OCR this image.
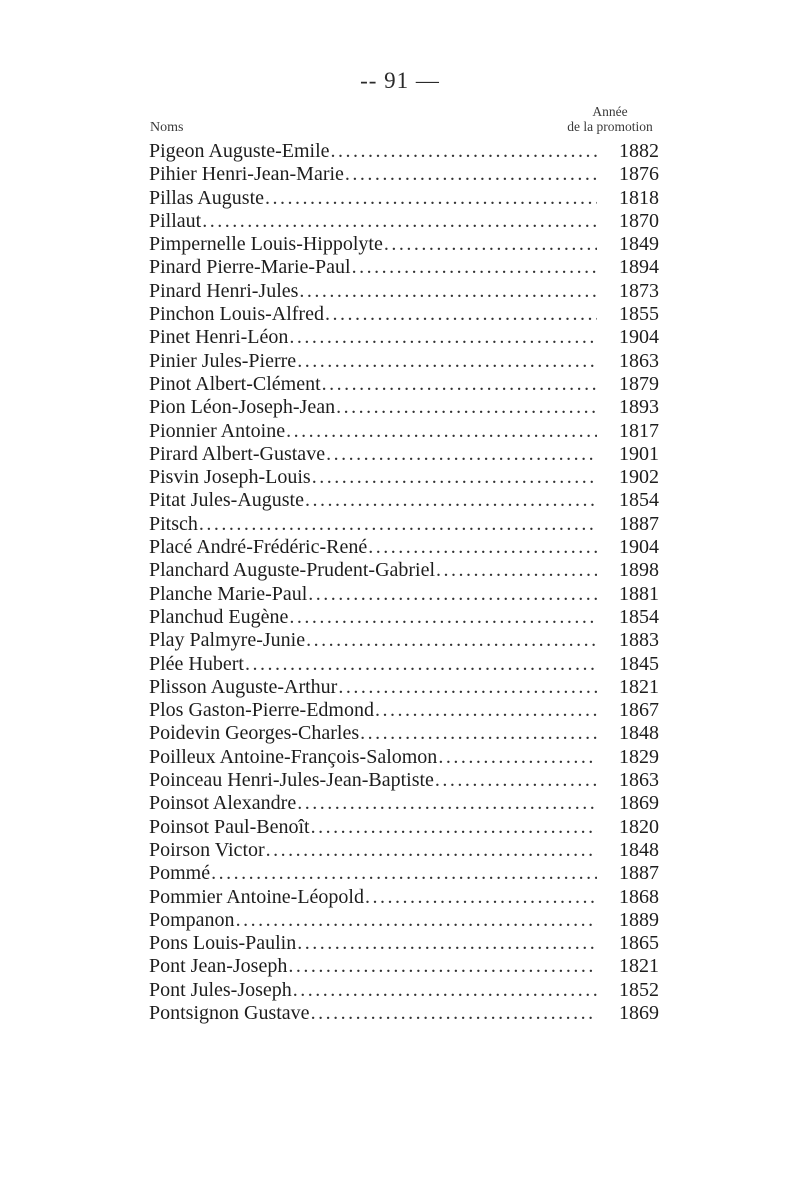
-- 91 —
Noms
Année
de la promotion
Pigeon Auguste-Emile .....	1882
Pihier Henri-Jean-Marie .....	1876
Pillas Auguste .....	1818
Pillaut .....	1870
Pimpernelle Louis-Hippolyte .....	1849
Pinard Pierre-Marie-Paul .....	1894
Pinard Henri-Jules .....	1873
Pinchon Louis-Alfred .....	1855
Pinet Henri-Léon .....	1904
Pinier Jules-Pierre .....	1863
Pinot Albert-Clément .....	1879
Pion Léon-Joseph-Jean .....	1893
Pionnier Antoine .....	1817
Pirard Albert-Gustave .....	1901
Pisvin Joseph-Louis .....	1902
Pitat Jules-Auguste .....	1854
Pitsch .....	1887
Placé André-Frédéric-René .....	1904
Planchard Auguste-Prudent-Gabriel .....	1898
Planche Marie-Paul .....	1881
Planchud Eugène .....	1854
Play Palmyre-Junie .....	1883
Plée Hubert .....	1845
Plisson Auguste-Arthur .....	1821
Plos Gaston-Pierre-Edmond .....	1867
Poidevin Georges-Charles .....	1848
Poilleux Antoine-François-Salomon .....	1829
Poinceau Henri-Jules-Jean-Baptiste .....	1863
Poinsot Alexandre .....	1869
Poinsot Paul-Benoît .....	1820
Poirson Victor .....	1848
Pommé .....	1887
Pommier Antoine-Léopold .....	1868
Pompanon .....	1889
Pons Louis-Paulin .....	1865
Pont Jean-Joseph .....	1821
Pont Jules-Joseph .....	1852
Pontsignon Gustave .....	1869
